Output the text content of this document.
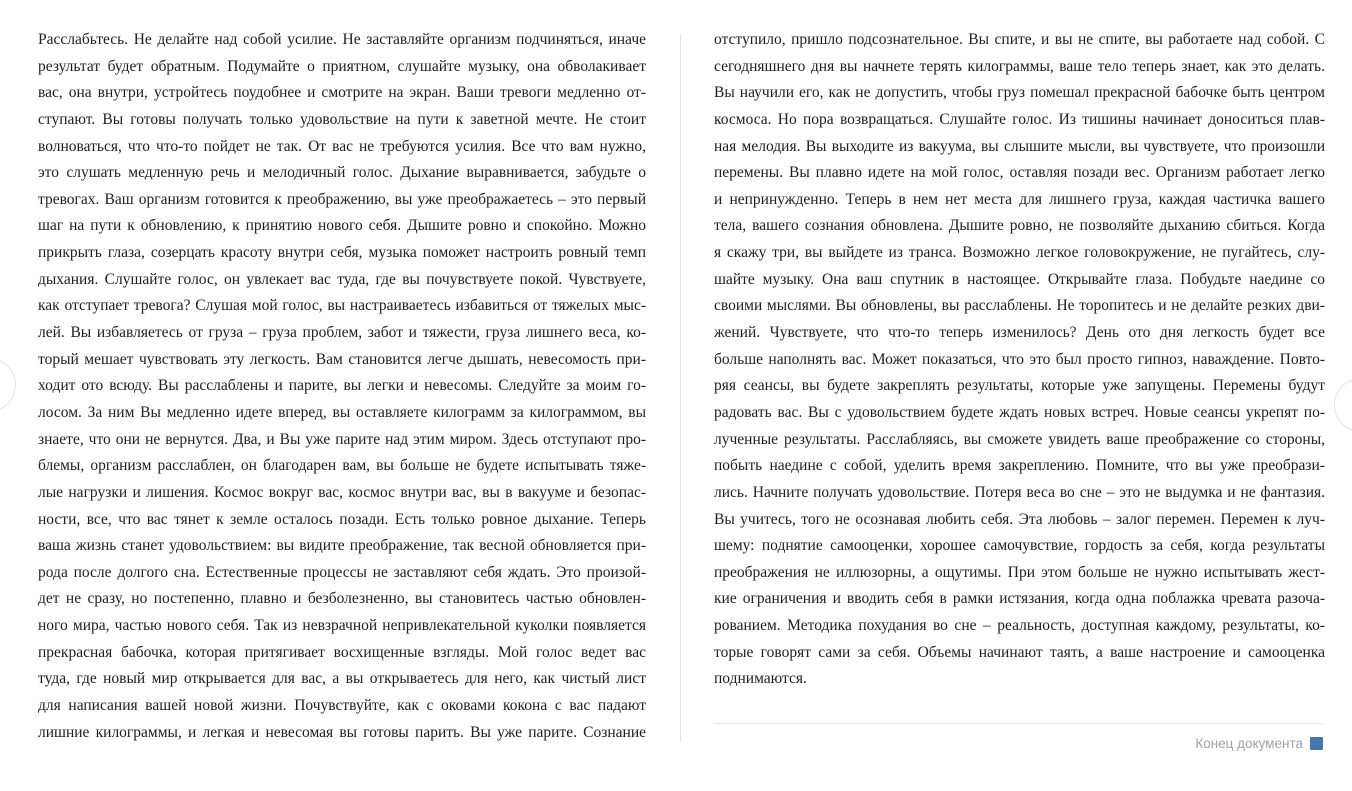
Расслабьтесь. Не делайте над собой усилие. Не заставляйте организм подчиняться, иначе
результат будет обратным. Подумайте о приятном, слушайте музыку, она обволакивает
вас, она внутри, устройтесь поудобнее и смотрите на экран. Ваши тревоги медленно от-
ступают. Вы готовы получать только удовольствие на пути к заветной мечте. Не стоит
волноваться, что что-то пойдет не так. От вас не требуются усилия. Все что вам нужно,
это слушать медленную речь и мелодичный голос. Дыхание выравнивается, забудьте о
тревогах. Ваш организм готовится к преображению, вы уже преображаетесь – это первый
шаг на пути к обновлению, к принятию нового себя. Дышите ровно и спокойно. Можно
прикрыть глаза, созерцать красоту внутри себя, музыка поможет настроить ровный темп
дыхания. Слушайте голос, он увлекает вас туда, где вы почувствуете покой. Чувствуете,
как отступает тревога? Слушая мой голос, вы настраиваетесь избавиться от тяжелых мыс-
лей. Вы избавляетесь от груза – груза проблем, забот и тяжести, груза лишнего веса, ко-
торый мешает чувствовать эту легкость. Вам становится легче дышать, невесомость при-
ходит ото всюду. Вы расслаблены и парите, вы легки и невесомы. Следуйте за моим го-
лосом. За ним Вы медленно идете вперед, вы оставляете килограмм за килограммом, вы
знаете, что они не вернутся. Два, и Вы уже парите над этим миром. Здесь отступают про-
блемы, организм расслаблен, он благодарен вам, вы больше не будете испытывать тяже-
лые нагрузки и лишения. Космос вокруг вас, космос внутри вас, вы в вакууме и безопас-
ности, все, что вас тянет к земле осталось позади. Есть только ровное дыхание. Теперь
ваша жизнь станет удовольствием: вы видите преображение, так весной обновляется при-
рода после долгого сна. Естественные процессы не заставляют себя ждать. Это произой-
дет не сразу, но постепенно, плавно и безболезненно, вы становитесь частью обновлен-
ного мира, частью нового себя. Так из невзрачной непривлекательной куколки появляется
прекрасная бабочка, которая притягивает восхищенные взгляды. Мой голос ведет вас
туда, где новый мир открывается для вас, а вы открываетесь для него, как чистый лист
для написания вашей новой жизни. Почувствуйте, как с оковами кокона с вас падают
лишние килограммы, и легкая и невесомая вы готовы парить. Вы уже парите. Сознание
отступило, пришло подсознательное. Вы спите, и вы не спите, вы работаете над собой. С
сегодняшнего дня вы начнете терять килограммы, ваше тело теперь знает, как это делать.
Вы научили его, как не допустить, чтобы груз помешал прекрасной бабочке быть центром
космоса. Но пора возвращаться. Слушайте голос. Из тишины начинает доноситься плав-
ная мелодия. Вы выходите из вакуума, вы слышите мысли, вы чувствуете, что произошли
перемены. Вы плавно идете на мой голос, оставляя позади вес. Организм работает легко
и непринужденно. Теперь в нем нет места для лишнего груза, каждая частичка вашего
тела, вашего сознания обновлена. Дышите ровно, не позволяйте дыханию сбиться. Когда
я скажу три, вы выйдете из транса. Возможно легкое головокружение, не пугайтесь, слу-
шайте музыку. Она ваш спутник в настоящее. Открывайте глаза. Побудьте наедине со
своими мыслями. Вы обновлены, вы расслаблены. Не торопитесь и не делайте резких дви-
жений. Чувствуете, что что-то теперь изменилось? День ото дня легкость будет все
больше наполнять вас. Может показаться, что это был просто гипноз, наваждение. Повто-
ряя сеансы, вы будете закреплять результаты, которые уже запущены. Перемены будут
радовать вас. Вы с удовольствием будете ждать новых встреч. Новые сеансы укрепят по-
лученные результаты. Расслабляясь, вы сможете увидеть ваше преображение со стороны,
побыть наедине с собой, уделить время закреплению. Помните, что вы уже преобрази-
лись. Начните получать удовольствие. Потеря веса во сне – это не выдумка и не фантазия.
Вы учитесь, того не осознавая любить себя. Эта любовь – залог перемен. Перемен к луч-
шему: поднятие самооценки, хорошее самочувствие, гордость за себя, когда результаты
преображения не иллюзорны, а ощутимы. При этом больше не нужно испытывать жест-
кие ограничения и вводить себя в рамки истязания, когда одна поблажка чревата разоча-
рованием. Методика похудания во сне – реальность, доступная каждому, результаты, ко-
торые говорят сами за себя. Объемы начинают таять, а ваше настроение и самооценка
поднимаются.
Конец документа
